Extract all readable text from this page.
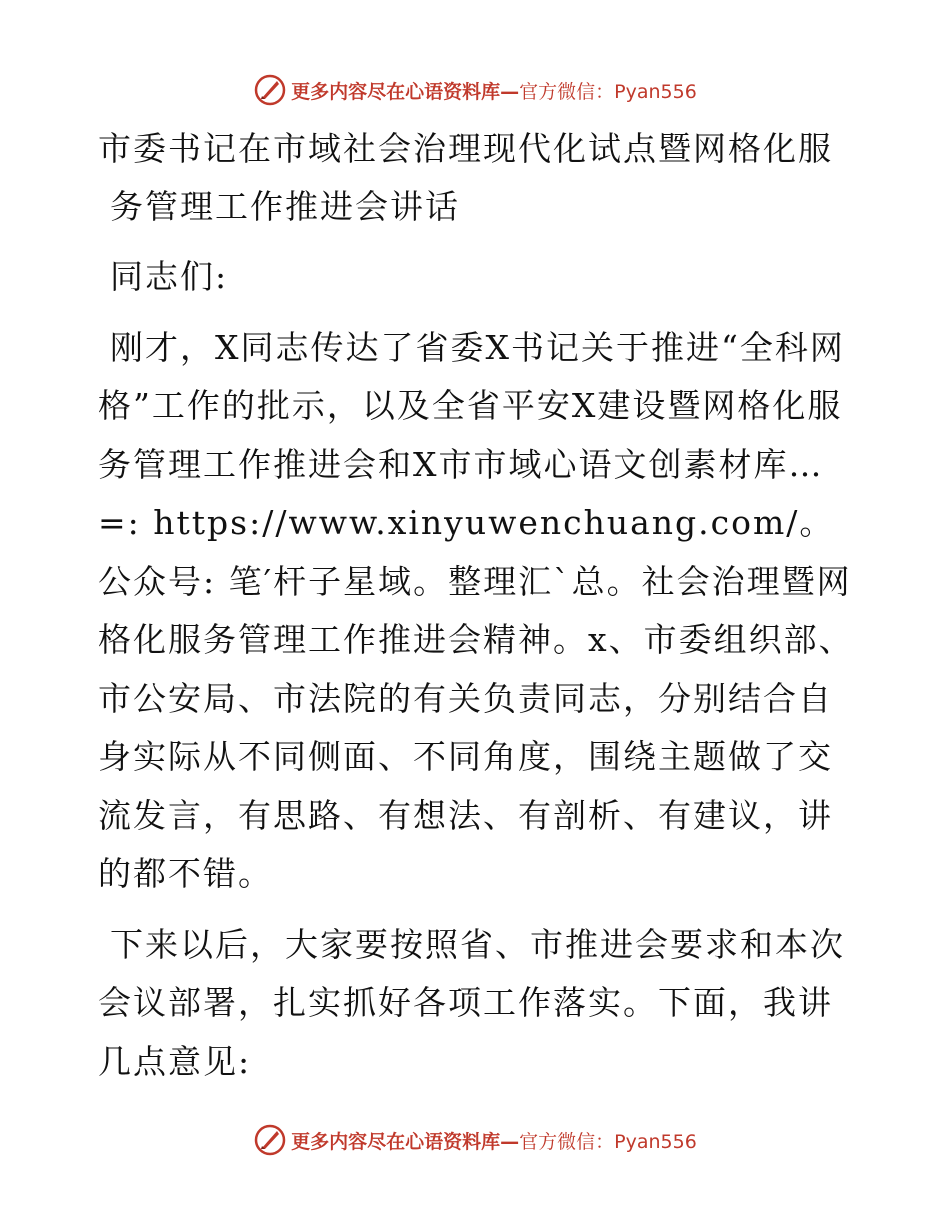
更多内容尽在心语资料库—官方微信：Pyan556
市委书记在市域社会治理现代化试点暨网格化服务管理工作推进会讲话

同志们:

刚才，X同志传达了省委X书记关于推进“全科网格”工作的批示，以及全省平安X建设暨网格化服务管理工作推进会和X市市域心语文创素材库…=: https://www.xinyuwenchuang.com/。公众号: 笔′杆子星域。整理汇`总。社会治理暨网格化服务管理工作推进会精神。x、市委组织部、市公安局、市法院的有关负责同志，分别结合自身实际从不同侧面、不同角度，围绕主题做了交流发言，有思路、有想法、有剖析、有建议，讲的都不错。

下来以后，大家要按照省、市推进会要求和本次会议部署，扎实抓好各项工作落实。下面，我讲几点意见:

更多内容尽在心语资料库—官方微信：Pyan556
